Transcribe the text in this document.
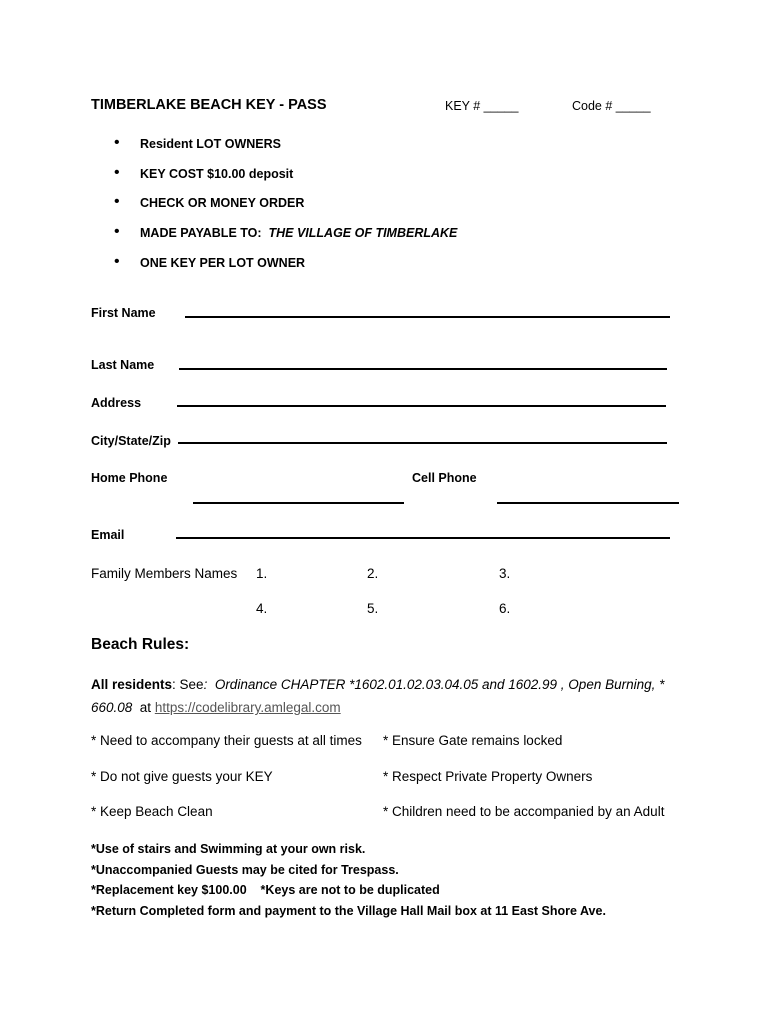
TIMBERLAKE BEACH KEY - PASS	KEY # _____	Code # _____
• Resident LOT OWNERS
• KEY COST $10.00 deposit
• CHECK OR MONEY ORDER
• MADE PAYABLE TO:  THE VILLAGE OF TIMBERLAKE
• ONE KEY PER LOT OWNER
First Name
Last Name
Address
City/State/Zip
Home Phone	Cell Phone
Email
Family Members Names 1.	2.	3.
4.	5.	6.
Beach Rules:
All residents: See:  Ordinance CHAPTER *1602.01.02.03.04.05 and 1602.99 , Open Burning, *
660.08  at https://codelibrary.amlegal.com
* Need to accompany their guests at all times * Ensure Gate remains locked
* Do not give guests your KEY	* Respect Private Property Owners
* Keep Beach Clean	* Children need to be accompanied by an Adult
*Use of stairs and Swimming at your own risk.
*Unaccompanied Guests may be cited for Trespass.
*Replacement key $100.00    *Keys are not to be duplicated
*Return Completed form and payment to the Village Hall Mail box at 11 East Shore Ave.
